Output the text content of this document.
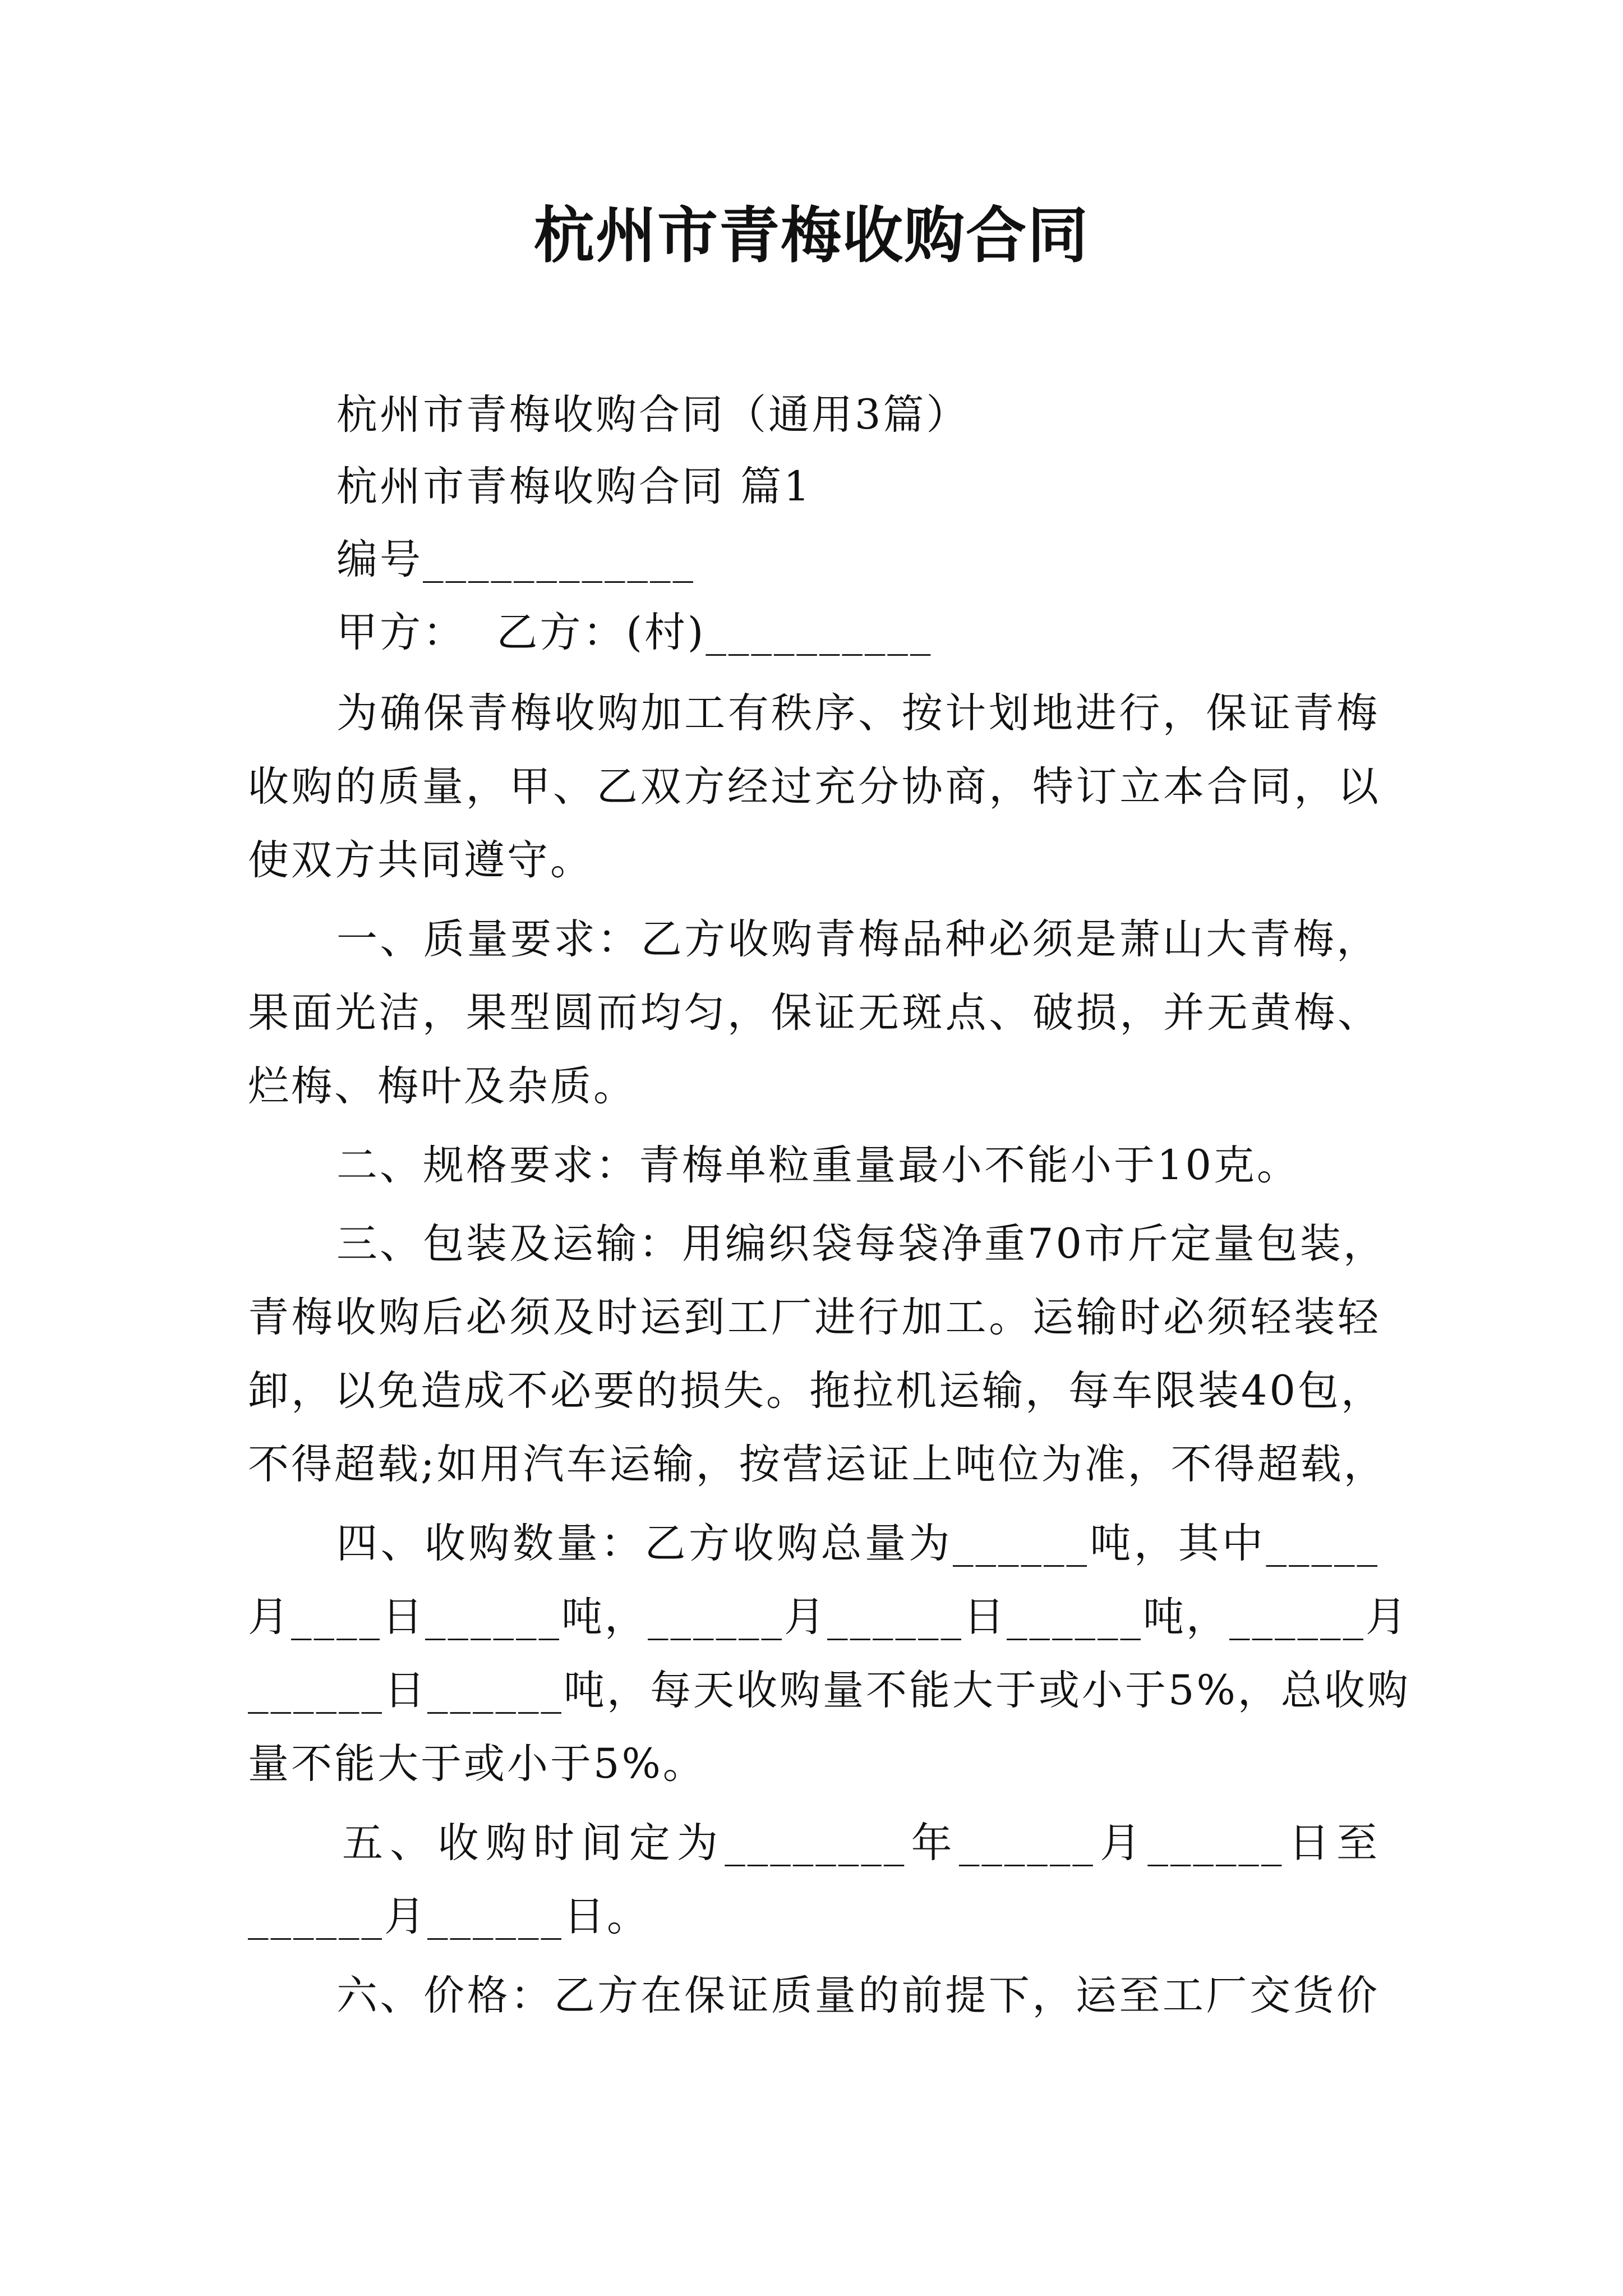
杭州市青梅收购合同
杭州市青梅收购合同（通用3篇）
杭州市青梅收购合同 篇1
编号____________
甲方：  乙方：(村)__________
为确保青梅收购加工有秩序、按计划地进行，保证青梅
收购的质量，甲、乙双方经过充分协商，特订立本合同，以
使双方共同遵守。
一、质量要求：乙方收购青梅品种必须是萧山大青梅，
果面光洁，果型圆而均匀，保证无斑点、破损，并无黄梅、
烂梅、梅叶及杂质。
二、规格要求：青梅单粒重量最小不能小于10克。
三、包装及运输：用编织袋每袋净重70市斤定量包装，
青梅收购后必须及时运到工厂进行加工。运输时必须轻装轻
卸，以免造成不必要的损失。拖拉机运输，每车限装40包，
不得超载;如用汽车运输，按营运证上吨位为准，不得超载，
四、收购数量：乙方收购总量为______吨，其中_____
月____日______吨，______月______日______吨，______月
______日______吨，每天收购量不能大于或小于5%，总收购
量不能大于或小于5%。
五、收购时间定为________年______月______日至
______月______日。
六、价格：乙方在保证质量的前提下，运至工厂交货价
